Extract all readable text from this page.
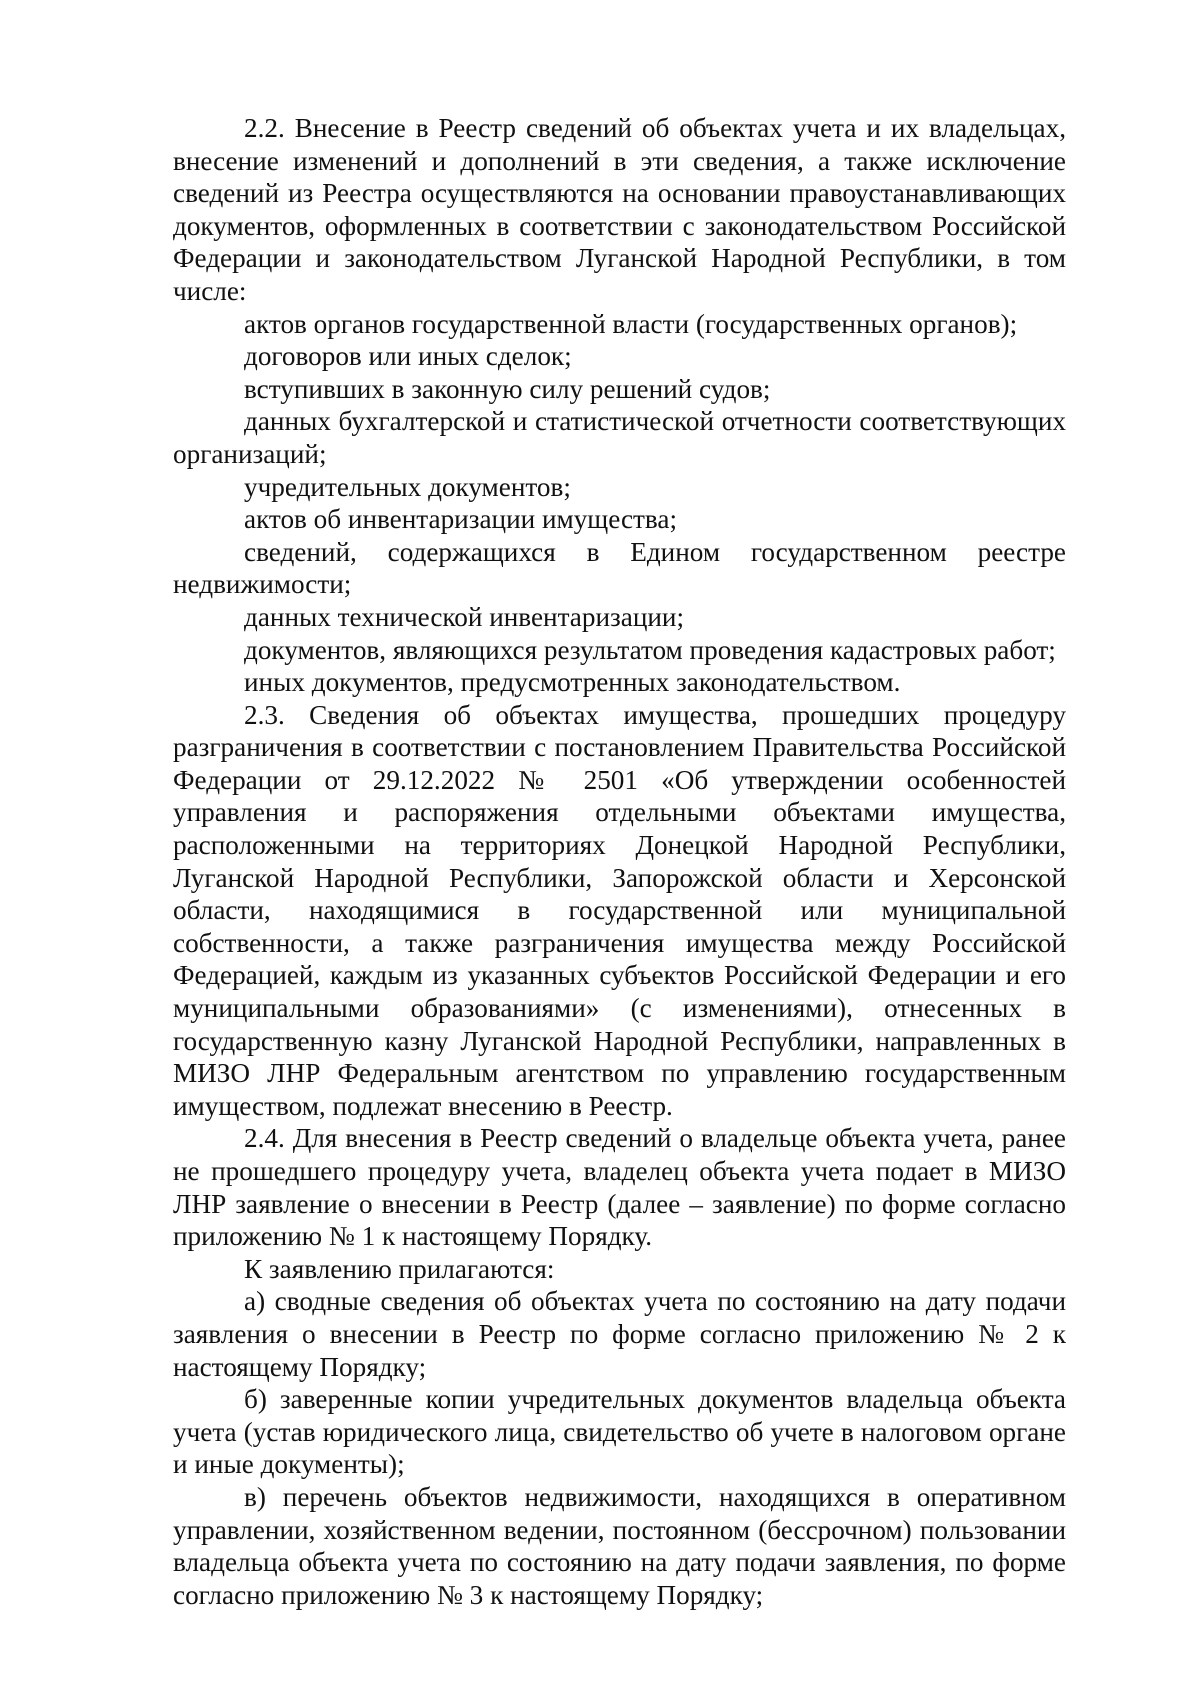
2.2. Внесение в Реестр сведений об объектах учета и их владельцах, внесение изменений и дополнений в эти сведения, а также исключение сведений из Реестра осуществляются на основании правоустанавливающих документов, оформленных в соответствии с законодательством Российской Федерации и законодательством Луганской Народной Республики, в том числе:

актов органов государственной власти (государственных органов);

договоров или иных сделок;

вступивших в законную силу решений судов;

данных бухгалтерской и статистической отчетности соответствующих организаций;

учредительных документов;

актов об инвентаризации имущества;

сведений, содержащихся в Едином государственном реестре недвижимости;

данных технической инвентаризации;

документов, являющихся результатом проведения кадастровых работ;

иных документов, предусмотренных законодательством.

2.3. Сведения об объектах имущества, прошедших процедуру разграничения в соответствии с постановлением Правительства Российской Федерации от 29.12.2022 № 2501 «Об утверждении особенностей управления и распоряжения отдельными объектами имущества, расположенными на территориях Донецкой Народной Республики, Луганской Народной Республики, Запорожской области и Херсонской области, находящимися в государственной или муниципальной собственности, а также разграничения имущества между Российской Федерацией, каждым из указанных субъектов Российской Федерации и его муниципальными образованиями» (с изменениями), отнесенных в государственную казну Луганской Народной Республики, направленных в МИЗО ЛНР Федеральным агентством по управлению государственным имуществом, подлежат внесению в Реестр.

2.4. Для внесения в Реестр сведений о владельце объекта учета, ранее не прошедшего процедуру учета, владелец объекта учета подает в МИЗО ЛНР заявление о внесении в Реестр (далее – заявление) по форме согласно приложению № 1 к настоящему Порядку.

К заявлению прилагаются:

а) сводные сведения об объектах учета по состоянию на дату подачи заявления о внесении в Реестр по форме согласно приложению № 2 к настоящему Порядку;

б) заверенные копии учредительных документов владельца объекта учета (устав юридического лица, свидетельство об учете в налоговом органе и иные документы);

в) перечень объектов недвижимости, находящихся в оперативном управлении, хозяйственном ведении, постоянном (бессрочном) пользовании владельца объекта учета по состоянию на дату подачи заявления, по форме согласно приложению № 3 к настоящему Порядку;
